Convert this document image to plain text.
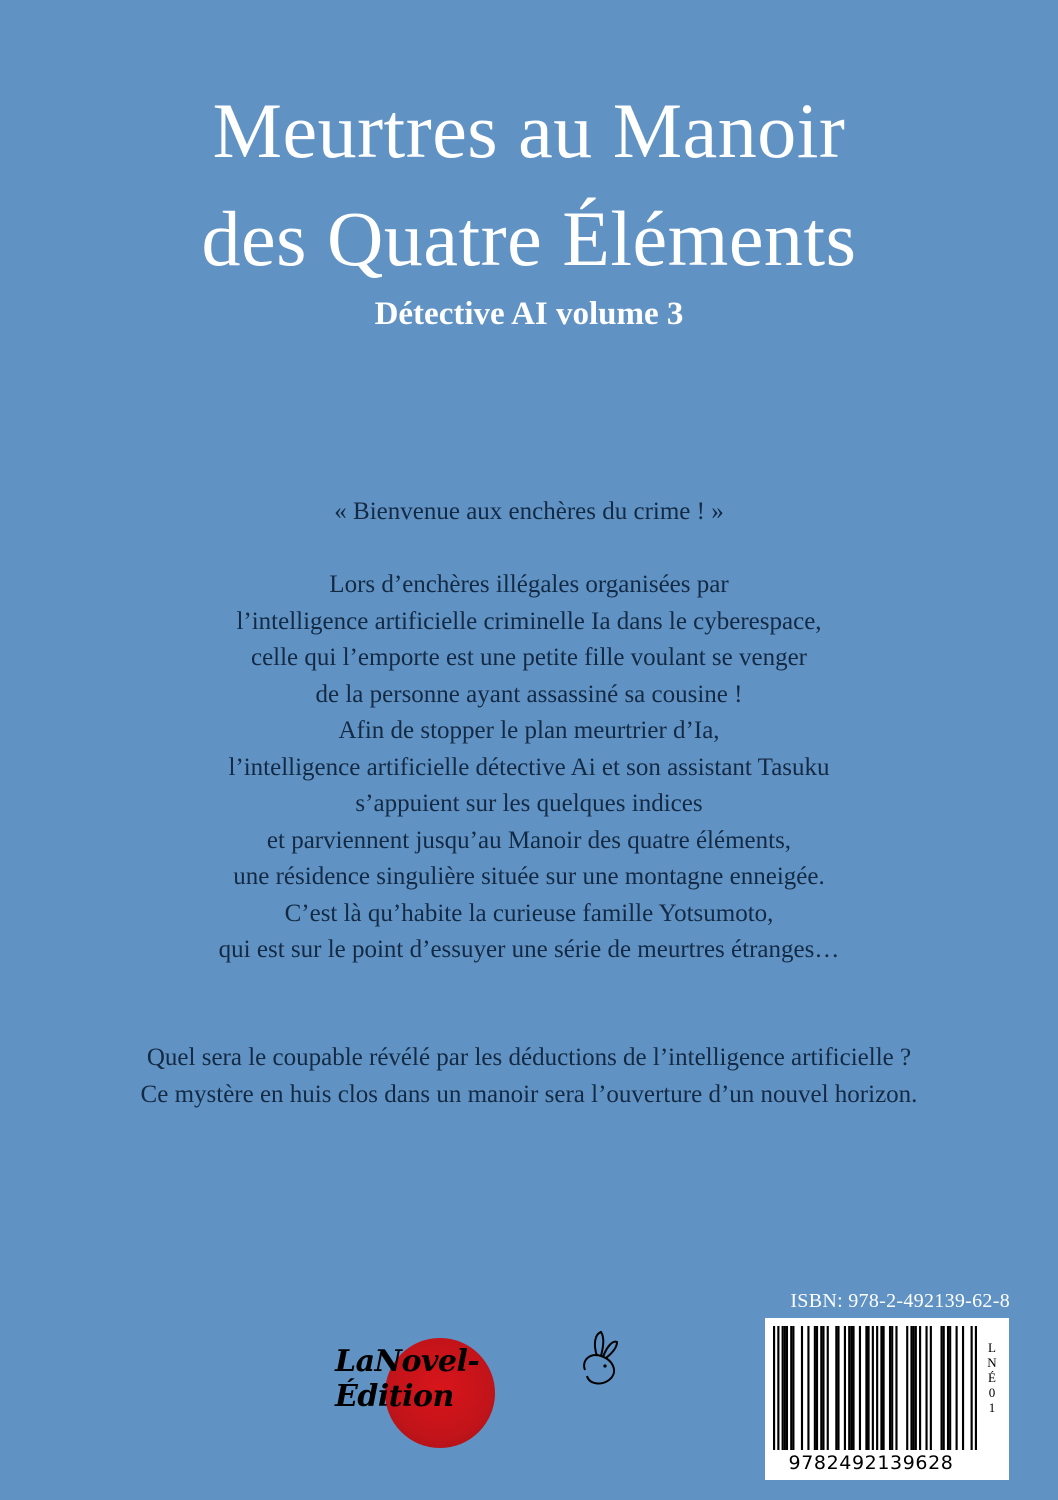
Meurtres au Manoir
des Quatre Éléments
Détective AI volume 3

« Bienvenue aux enchères du crime ! »

Lors d’enchères illégales organisées par
l’intelligence artificielle criminelle Ia dans le cyberespace,
celle qui l’emporte est une petite fille voulant se venger
de la personne ayant assassiné sa cousine !
Afin de stopper le plan meurtrier d’Ia,
l’intelligence artificielle détective Ai et son assistant Tasuku
s’appuient sur les quelques indices
et parviennent jusqu’au Manoir des quatre éléments,
une résidence singulière située sur une montagne enneigée.
C’est là qu’habite la curieuse famille Yotsumoto,
qui est sur le point d’essuyer une série de meurtres étranges…
Quel sera le coupable révélé par les déductions de l’intelligence artificielle ?
Ce mystère en huis clos dans un manoir sera l’ouverture d’un nouvel horizon.
LaNovel-Édition
ISBN: 978-2-492139-62-8
9782492139628
L
N
É
0
1
